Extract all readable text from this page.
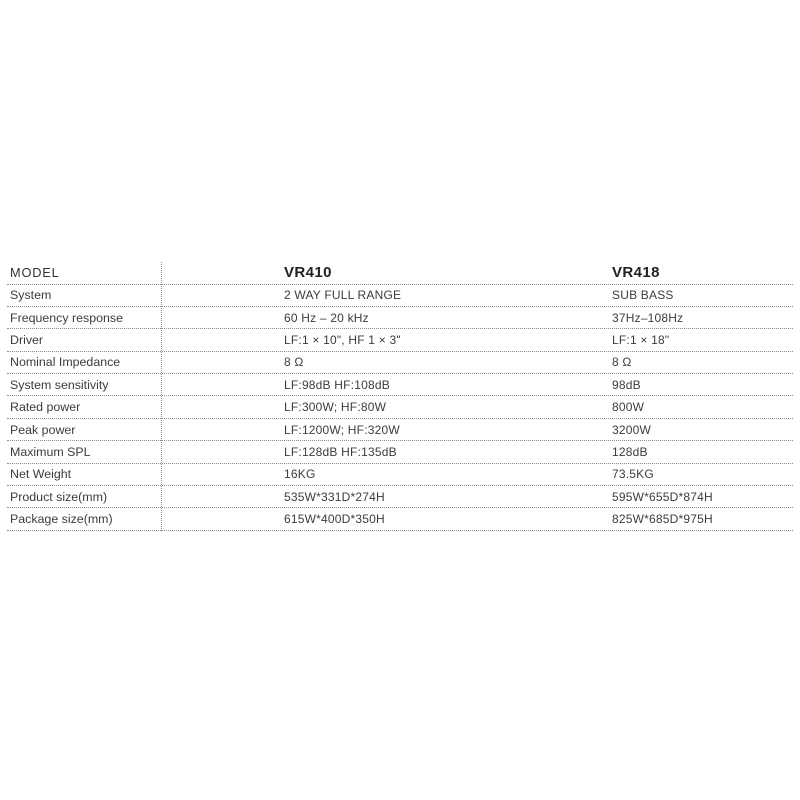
MODEL	VR410	VR418
System	2 WAY FULL RANGE	SUB BASS
Frequency response	60 Hz – 20 kHz	37Hz–108Hz
Driver	LF:1 × 10", HF 1 × 3"	LF:1 × 18"
Nominal Impedance	8 Ω	8 Ω
System sensitivity	LF:98dB HF:108dB	98dB
Rated power	LF:300W; HF:80W	800W
Peak power	LF:1200W; HF:320W	3200W
Maximum SPL	LF:128dB HF:135dB	128dB
Net Weight	16KG	73.5KG
Product size(mm)	535W*331D*274H	595W*655D*874H
Package size(mm)	615W*400D*350H	825W*685D*975H
